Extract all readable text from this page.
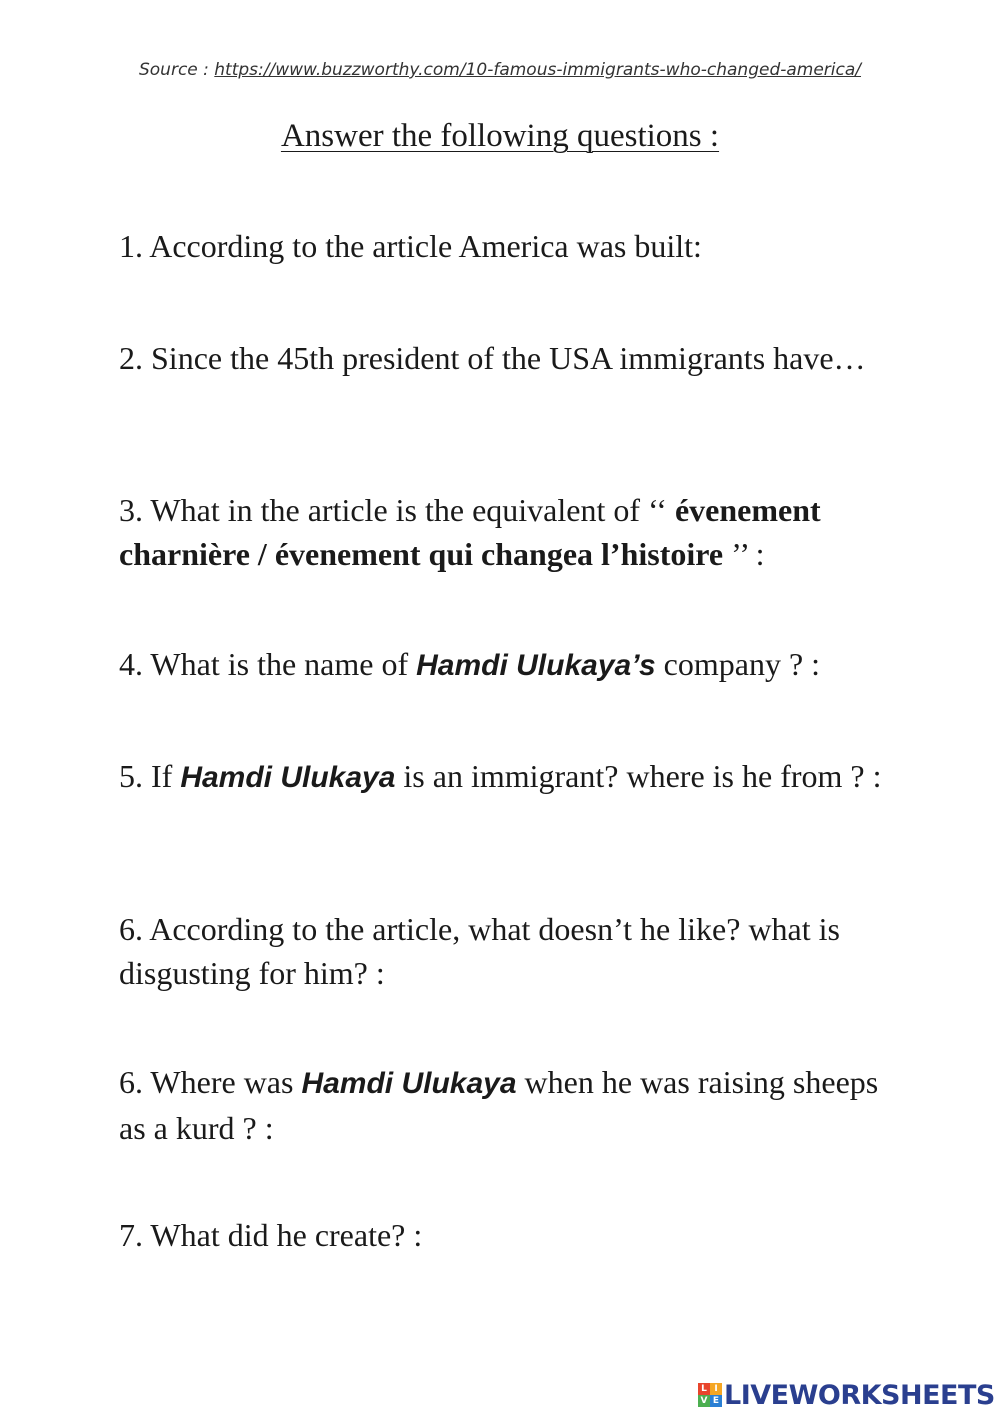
Source : https://www.buzzworthy.com/10-famous-immigrants-who-changed-america/
Answer the following questions :
1. According to the article America was built:
2. Since the 45th president of the USA immigrants have…
3. What in the article is the equivalent of ‘‘ évenement charnière / évenement qui changea l’histoire ’’ :
4. What is the name of Hamdi Ulukaya’s company ? :
5. If Hamdi Ulukaya is an immigrant? where is he from ? :
6. According to the article, what doesn’t he like? what is disgusting for him? :
6. Where was Hamdi Ulukaya when he was raising sheeps as a kurd ? :
7. What did he create? :
L I
V E LIVEWORKSHEETS
